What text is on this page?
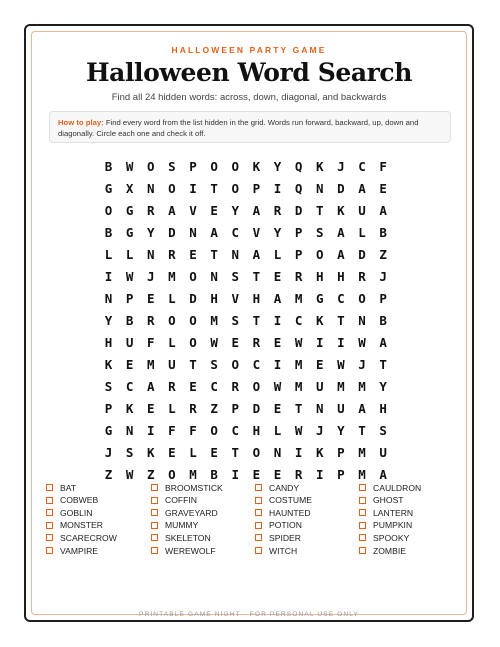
HALLOWEEN PARTY GAME
Halloween Word Search
Find all 24 hidden words: across, down, diagonal, and backwards
How to play: Find every word from the list hidden in the grid. Words run forward, backward, up, down and diagonally. Circle each one and check it off.
B	W	O	S	P	O	O	K	Y	Q	K	J	C	F
G	X	N	O	I	T	O	P	I	Q	N	D	A	E
O	G	R	A	V	E	Y	A	R	D	T	K	U	A
B	G	Y	D	N	A	C	V	Y	P	S	A	L	B
L	L	N	R	E	T	N	A	L	P	O	A	D	Z
I	W	J	M	O	N	S	T	E	R	H	H	R	J
N	P	E	L	D	H	V	H	A	M	G	C	O	P
Y	B	R	O	O	M	S	T	I	C	K	T	N	B
H	U	F	L	O	W	E	R	E	W	I	I	W	A
K	E	M	U	T	S	O	C	I	M	E	W	J	T
S	C	A	R	E	C	R	O	W	M	U	M	M	Y
P	K	E	L	R	Z	P	D	E	T	N	U	A	H
G	N	I	F	F	O	C	H	L	W	J	Y	T	S
J	S	K	E	L	E	T	O	N	I	K	P	M	U
Z	W	Z	O	M	B	I	E	E	R	I	P	M	A
BAT
COBWEB
GOBLIN
MONSTER
SCARECROW
VAMPIRE
BROOMSTICK
COFFIN
GRAVEYARD
MUMMY
SKELETON
WEREWOLF
CANDY
COSTUME
HAUNTED
POTION
SPIDER
WITCH
CAULDRON
GHOST
LANTERN
PUMPKIN
SPOOKY
ZOMBIE
PRINTABLE GAME NIGHT · FOR PERSONAL USE ONLY
